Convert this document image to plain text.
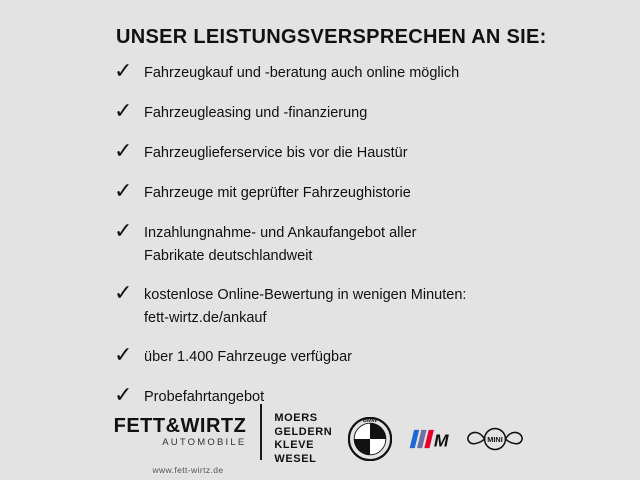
UNSER LEISTUNGSVERSPRECHEN AN SIE:
✓ Fahrzeugkauf und -beratung auch online möglich
✓ Fahrzeugleasing und -finanzierung
✓ Fahrzeuglieferservice bis vor die Haustür
✓ Fahrzeuge mit geprüfter Fahrzeughistorie
✓ Inzahlungnahme- und Ankaufangebot aller
Fabrikate deutschlandweit
✓ kostenlose Online-Bewertung in wenigen Minuten:
fett-wirtz.de/ankauf
✓ über 1.400 Fahrzeuge verfügbar
✓ Probefahrtangebot
FETT&WIRTZ
AUTOMOBILE
www.fett-wirtz.de
MOERS
GELDERN
KLEVE
WESEL
BMW
M MINI
